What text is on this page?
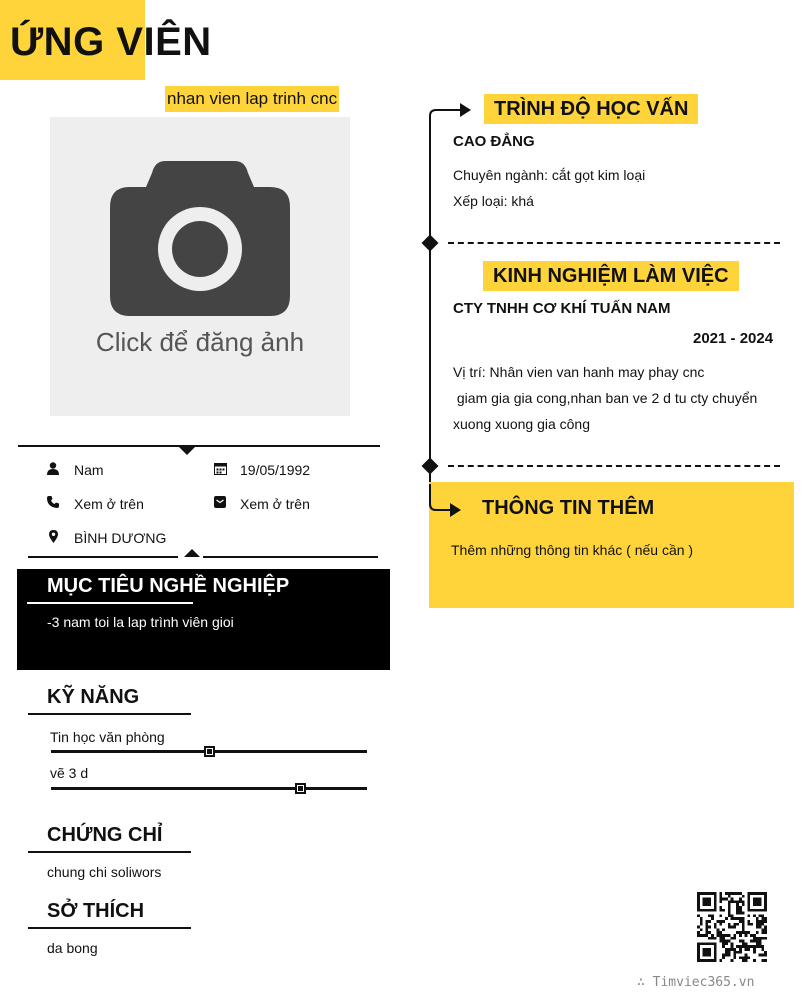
ỨNG VIÊN
nhan vien lap trinh cnc
Click để đăng ảnh
Nam	19/05/1992
Xem ở trên	Xem ở trên
BÌNH DƯƠNG
MỤC TIÊU NGHỀ NGHIỆP
-3 nam toi la lap trình viên gioi
KỸ NĂNG
Tin học văn phòng
vẽ 3 d
CHỨNG CHỈ
chung chi soliwors
SỞ THÍCH
da bong
TRÌNH ĐỘ HỌC VẤN
CAO ĐẲNG
Chuyên ngành: cắt gọt kim loại
Xếp loại: khá
KINH NGHIỆM LÀM VIỆC
CTY TNHH CƠ KHÍ TUẤN NAM
2021 - 2024
Vị trí: Nhân vien van hanh may phay cnc
giam gia gia cong,nhan ban ve 2 d tu cty chuyển
xuong xuong gia công
THÔNG TIN THÊM
Thêm những thông tin khác ( nếu cần )
∴ Timviec365.vn
